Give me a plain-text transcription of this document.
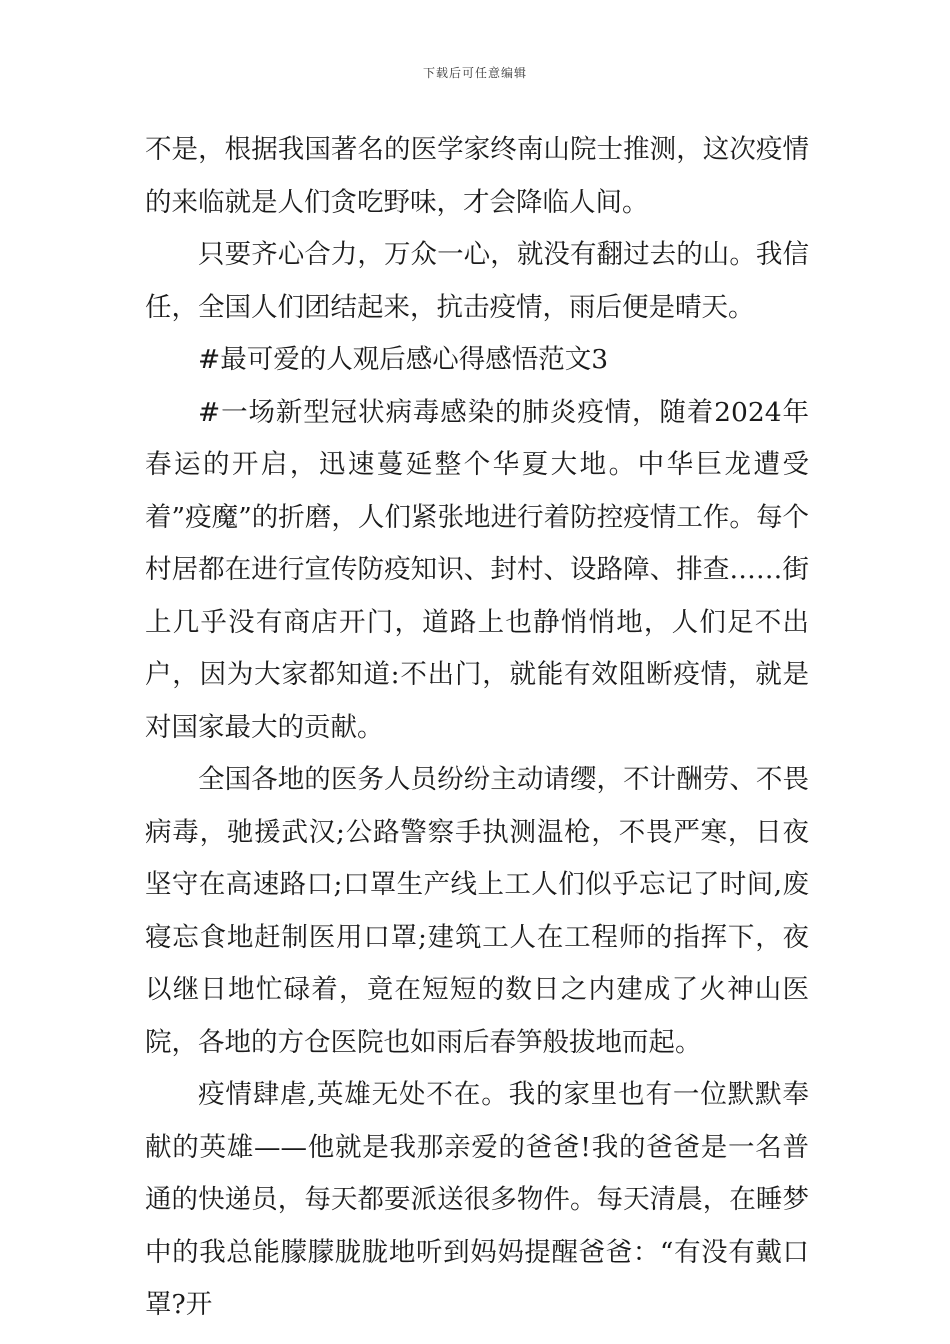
下载后可任意编辑

不是，根据我国著名的医学家终南山院士推测，这次疫情的来临就是人们贪吃野味，才会降临人间。

只要齐心合力，万众一心，就没有翻过去的山。我信任，全国人们团结起来，抗击疫情，雨后便是晴天。

#最可爱的人观后感心得感悟范文3

#一场新型冠状病毒感染的肺炎疫情，随着2024年春运的开启，迅速蔓延整个华夏大地。中华巨龙遭受着”疫魔”的折磨，人们紧张地进行着防控疫情工作。每个村居都在进行宣传防疫知识、封村、设路障、排查……街上几乎没有商店开门，道路上也静悄悄地，人们足不出户，因为大家都知道:不出门，就能有效阻断疫情，就是对国家最大的贡献。

全国各地的医务人员纷纷主动请缨，不计酬劳、不畏病毒，驰援武汉;公路警察手执测温枪，不畏严寒，日夜坚守在高速路口;口罩生产线上工人们似乎忘记了时间,废寝忘食地赶制医用口罩;建筑工人在工程师的指挥下，夜以继日地忙碌着，竟在短短的数日之内建成了火神山医院，各地的方仓医院也如雨后春笋般拔地而起。

疫情肆虐,英雄无处不在。我的家里也有一位默默奉献的英雄——他就是我那亲爱的爸爸!我的爸爸是一名普通的快递员，每天都要派送很多物件。每天清晨，在睡梦中的我总能朦朦胧胧地听到妈妈提醒爸爸：“有没有戴口罩?开
